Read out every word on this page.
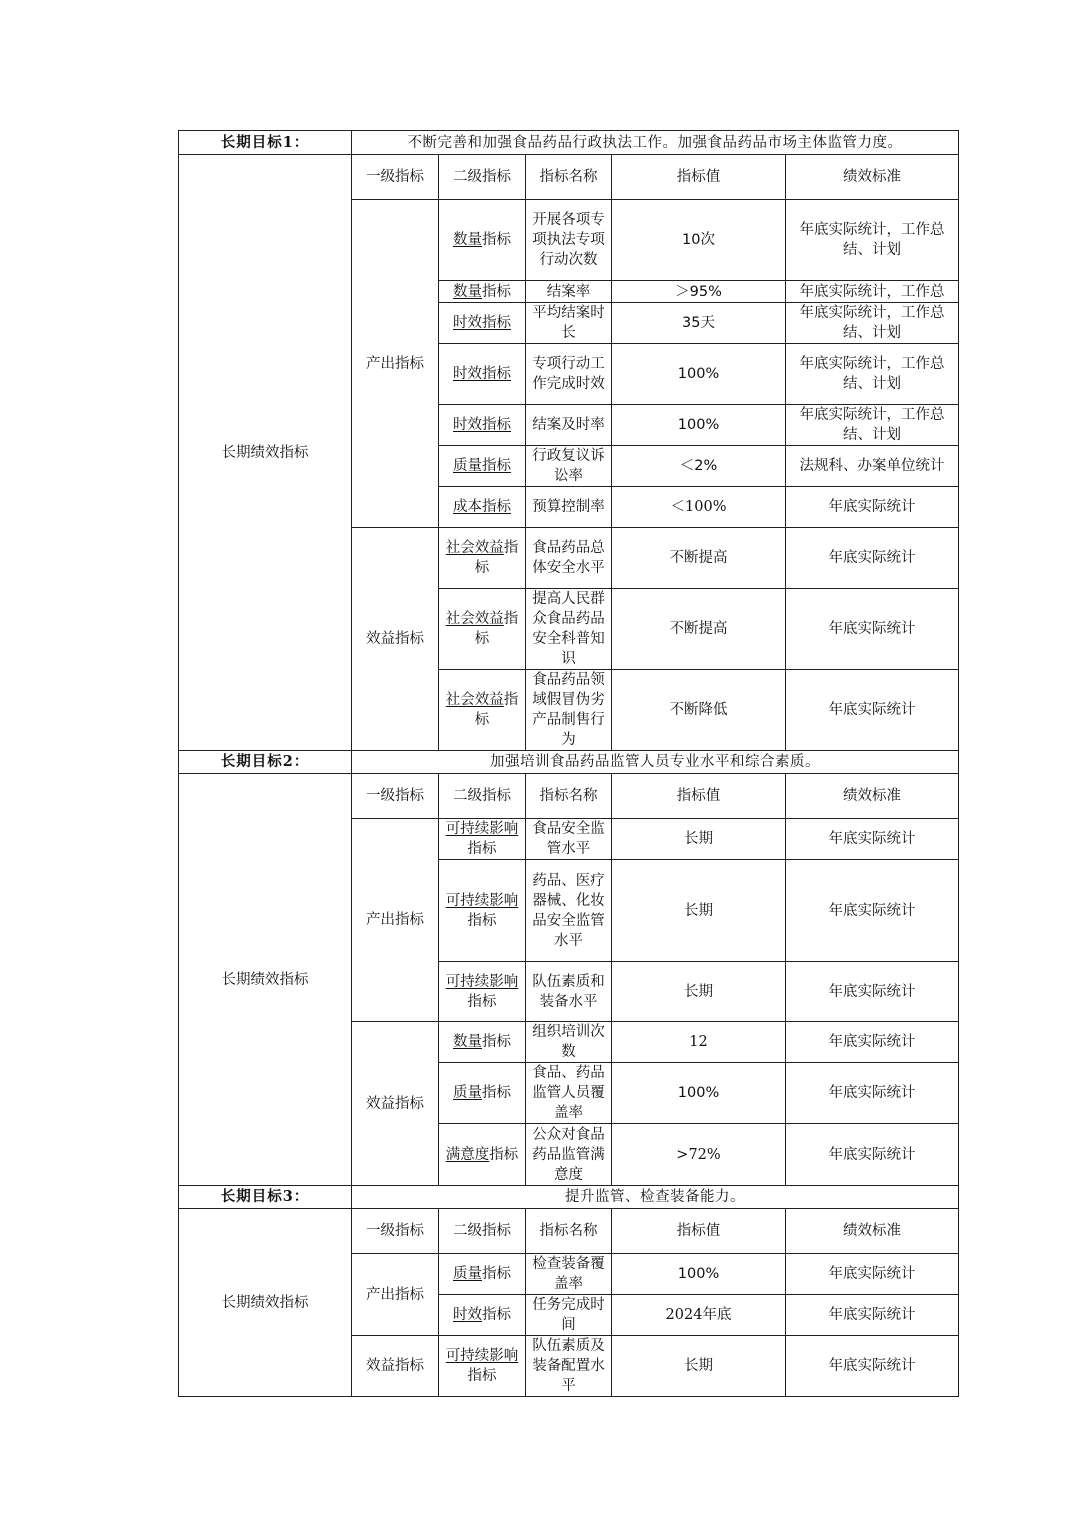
长期目标1：	不断完善和加强食品药品行政执法工作。加强食品药品市场主体监管力度。				
长期绩效指标	一级指标	二级指标	指标名称	指标值	绩效标准
	产出指标	数量指标	开展各项专项执法专项行动次数	10次	年底实际统计，工作总结、计划
		数量指标	结案率	＞95%	年底实际统计，工作总
		时效指标	平均结案时长	35天	年底实际统计，工作总结、计划
		时效指标	专项行动工作完成时效	100%	年底实际统计，工作总结、计划
		时效指标	结案及时率	100%	年底实际统计，工作总结、计划
		质量指标	行政复议诉讼率	＜2%	法规科、办案单位统计
		成本指标	预算控制率	＜100%	年底实际统计
	效益指标	社会效益指标	食品药品总体安全水平	不断提高	年底实际统计
		社会效益指标	提高人民群众食品药品安全科普知识	不断提高	年底实际统计
		社会效益指标	食品药品领域假冒伪劣产品制售行为	不断降低	年底实际统计
长期目标2：	加强培训食品药品监管人员专业水平和综合素质。				
长期绩效指标	一级指标	二级指标	指标名称	指标值	绩效标准
	产出指标	可持续影响指标	食品安全监管水平	长期	年底实际统计
		可持续影响指标	药品、医疗器械、化妆品安全监管水平	长期	年底实际统计
		可持续影响指标	队伍素质和装备水平	长期	年底实际统计
	效益指标	数量指标	组织培训次数	12	年底实际统计
		质量指标	食品、药品监管人员覆盖率	100%	年底实际统计
		满意度指标	公众对食品药品监管满意度	>72%	年底实际统计
长期目标3：	提升监管、检查装备能力。				
长期绩效指标	一级指标	二级指标	指标名称	指标值	绩效标准
	产出指标	质量指标	检查装备覆盖率	100%	年底实际统计
		时效指标	任务完成时间	2024年底	年底实际统计
	效益指标	可持续影响指标	队伍素质及装备配置水平	长期	年底实际统计
